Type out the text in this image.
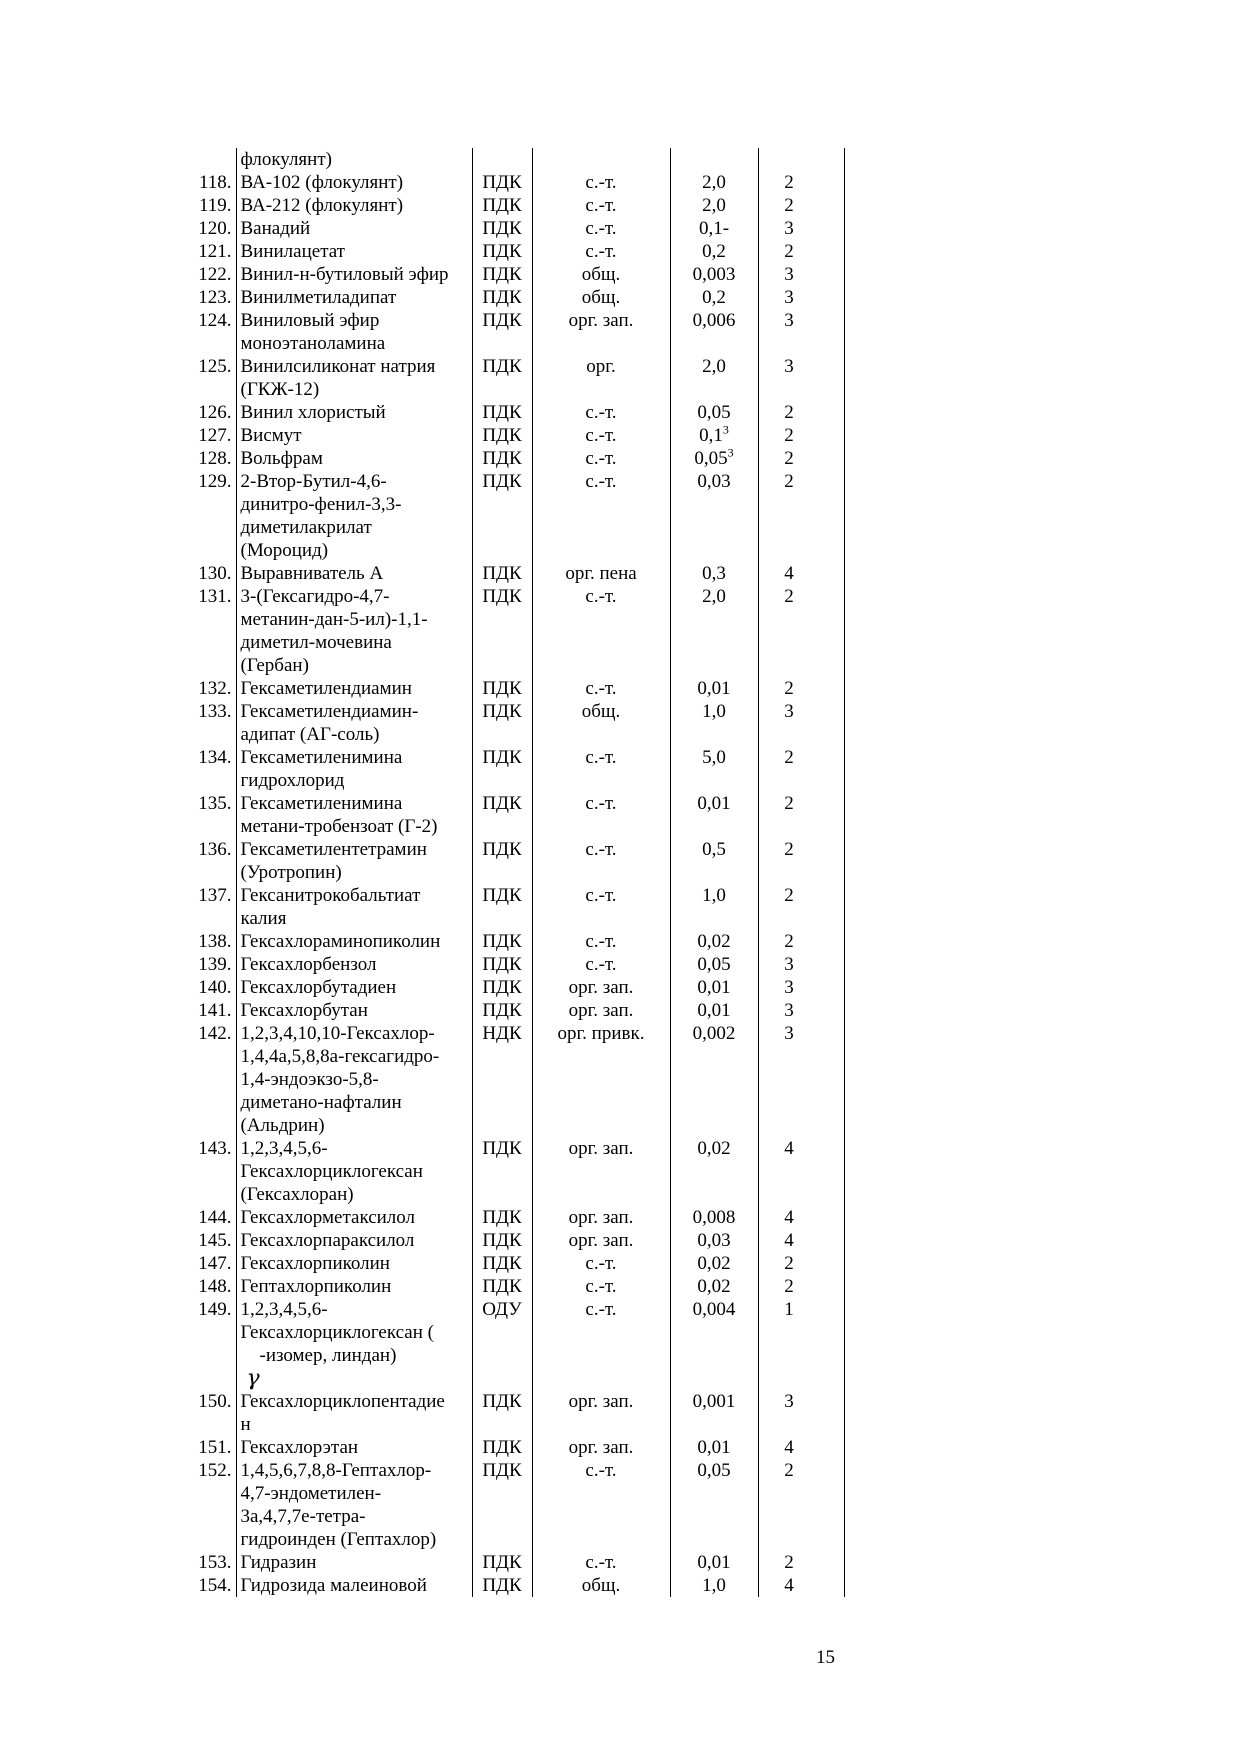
	флокулянт)				

118.	ВА-102 (флокулянт)	ПДК	с.-т.	2,0	2
119.	ВА-212 (флокулянт)	ПДК	с.-т.	2,0	2
120.	Ванадий	ПДК	с.-т.	0,1-	3
121.	Винилацетат	ПДК	с.-т.	0,2	2
122.	Винил-н-бутиловый эфир	ПДК	общ.	0,003	3
123.	Винилметиладипат	ПДК	общ.	0,2	3
124.	Виниловый эфир
моноэтаноламина	ПДК	орг. зап.	0,006	3
125.	Винилсиликонат натрия
(ГКЖ-12)	ПДК	орг.	2,0	3
126.	Винил хлористый	ПДК	с.-т.	0,05	2
127.	Висмут	ПДК	с.-т.	$0,1^3$	2
128.	Вольфрам	ПДК	с.-т.	0,05$^3$	2
129.	2-Втор-Бутил-4,6-
динитро-фенил-3,3-
диметилакрилат
(Мороцид)	ПДК	с.-т.	0,03	2
130.	Выравниватель А	ПДК	орг. пена	0,3	4
131.	3-(Гексагидро-4,7-
метанин-дан-5-ил)-1,1-
диметил-мочевина
(Гербан)	ПДК	с.-т.	2,0	2
132.	Гексаметилендиамин	ПДК	с.-т.	0,01	2
133.	Гексаметилендиамин-
адипат (АГ-соль)	ПДК	общ.	1,0	3
134.	Гексаметиленимина
гидрохлорид	ПДК	с.-т.	5,0	2
135.	Гексаметиленимина
метани-тробензоат (Г-2)	ПДК	с.-т.	0,01	2
136.	Гексаметилентетрамин
(Уротропин)	ПДК	с.-т.	0,5	2
137.	Гексанитрокобальтиат
калия	ПДК	с.-т.	1,0	2
138.	Гексахлораминопиколин	ПДК	с.-т.	0,02	2
139.	Гексахлорбензол	ПДК	с.-т.	0,05	3
140.	Гексахлорбутадиен	ПДК	орг. зап.	0,01	3
141.	Гексахлорбутан	ПДК	орг. зап.	0,01	3
142.	1,2,3,4,10,10-Гексахлор-
1,4,4а,5,8,8а-гексагидро-
1,4-эндоэкзо-5,8-
диметано-нафталин
(Альдрин)	НДК	орг. привк.	0,002	3
143.	1,2,3,4,5,6-
Гексахлорциклогексан
(Гексахлоран)	ПДК	орг. зап.	0,02	4
144.	Гексахлорметаксилол	ПДК	орг. зап.	0,008	4
145.	Гексахлорпараксилол	ПДК	орг. зап.	0,03	4
147.	Гексахлорпиколин	ПДК	с.-т.	0,02	2
148.	Гептахлорпиколин	ПДК	с.-т.	0,02	2
149.	1,2,3,4,5,6-
Гексахлорциклогексан (
-изомер, линдан)
γ	ОДУ	с.-т.	0,004	1
150.	Гексахлорциклопентадие
н	ПДК	орг. зап.	0,001	3
151.	Гексахлорэтан	ПДК	орг. зап.	0,01	4
152.	1,4,5,6,7,8,8-Гептахлор-
4,7-эндометилен-
3а,4,7,7е-тетра-
гидроинден (Гептахлор)	ПДК	с.-т.	0,05	2
153.	Гидразин	ПДК	с.-т.	0,01	2
154.	Гидрозида малеиновой	ПДК	общ.	1,0	4
15
